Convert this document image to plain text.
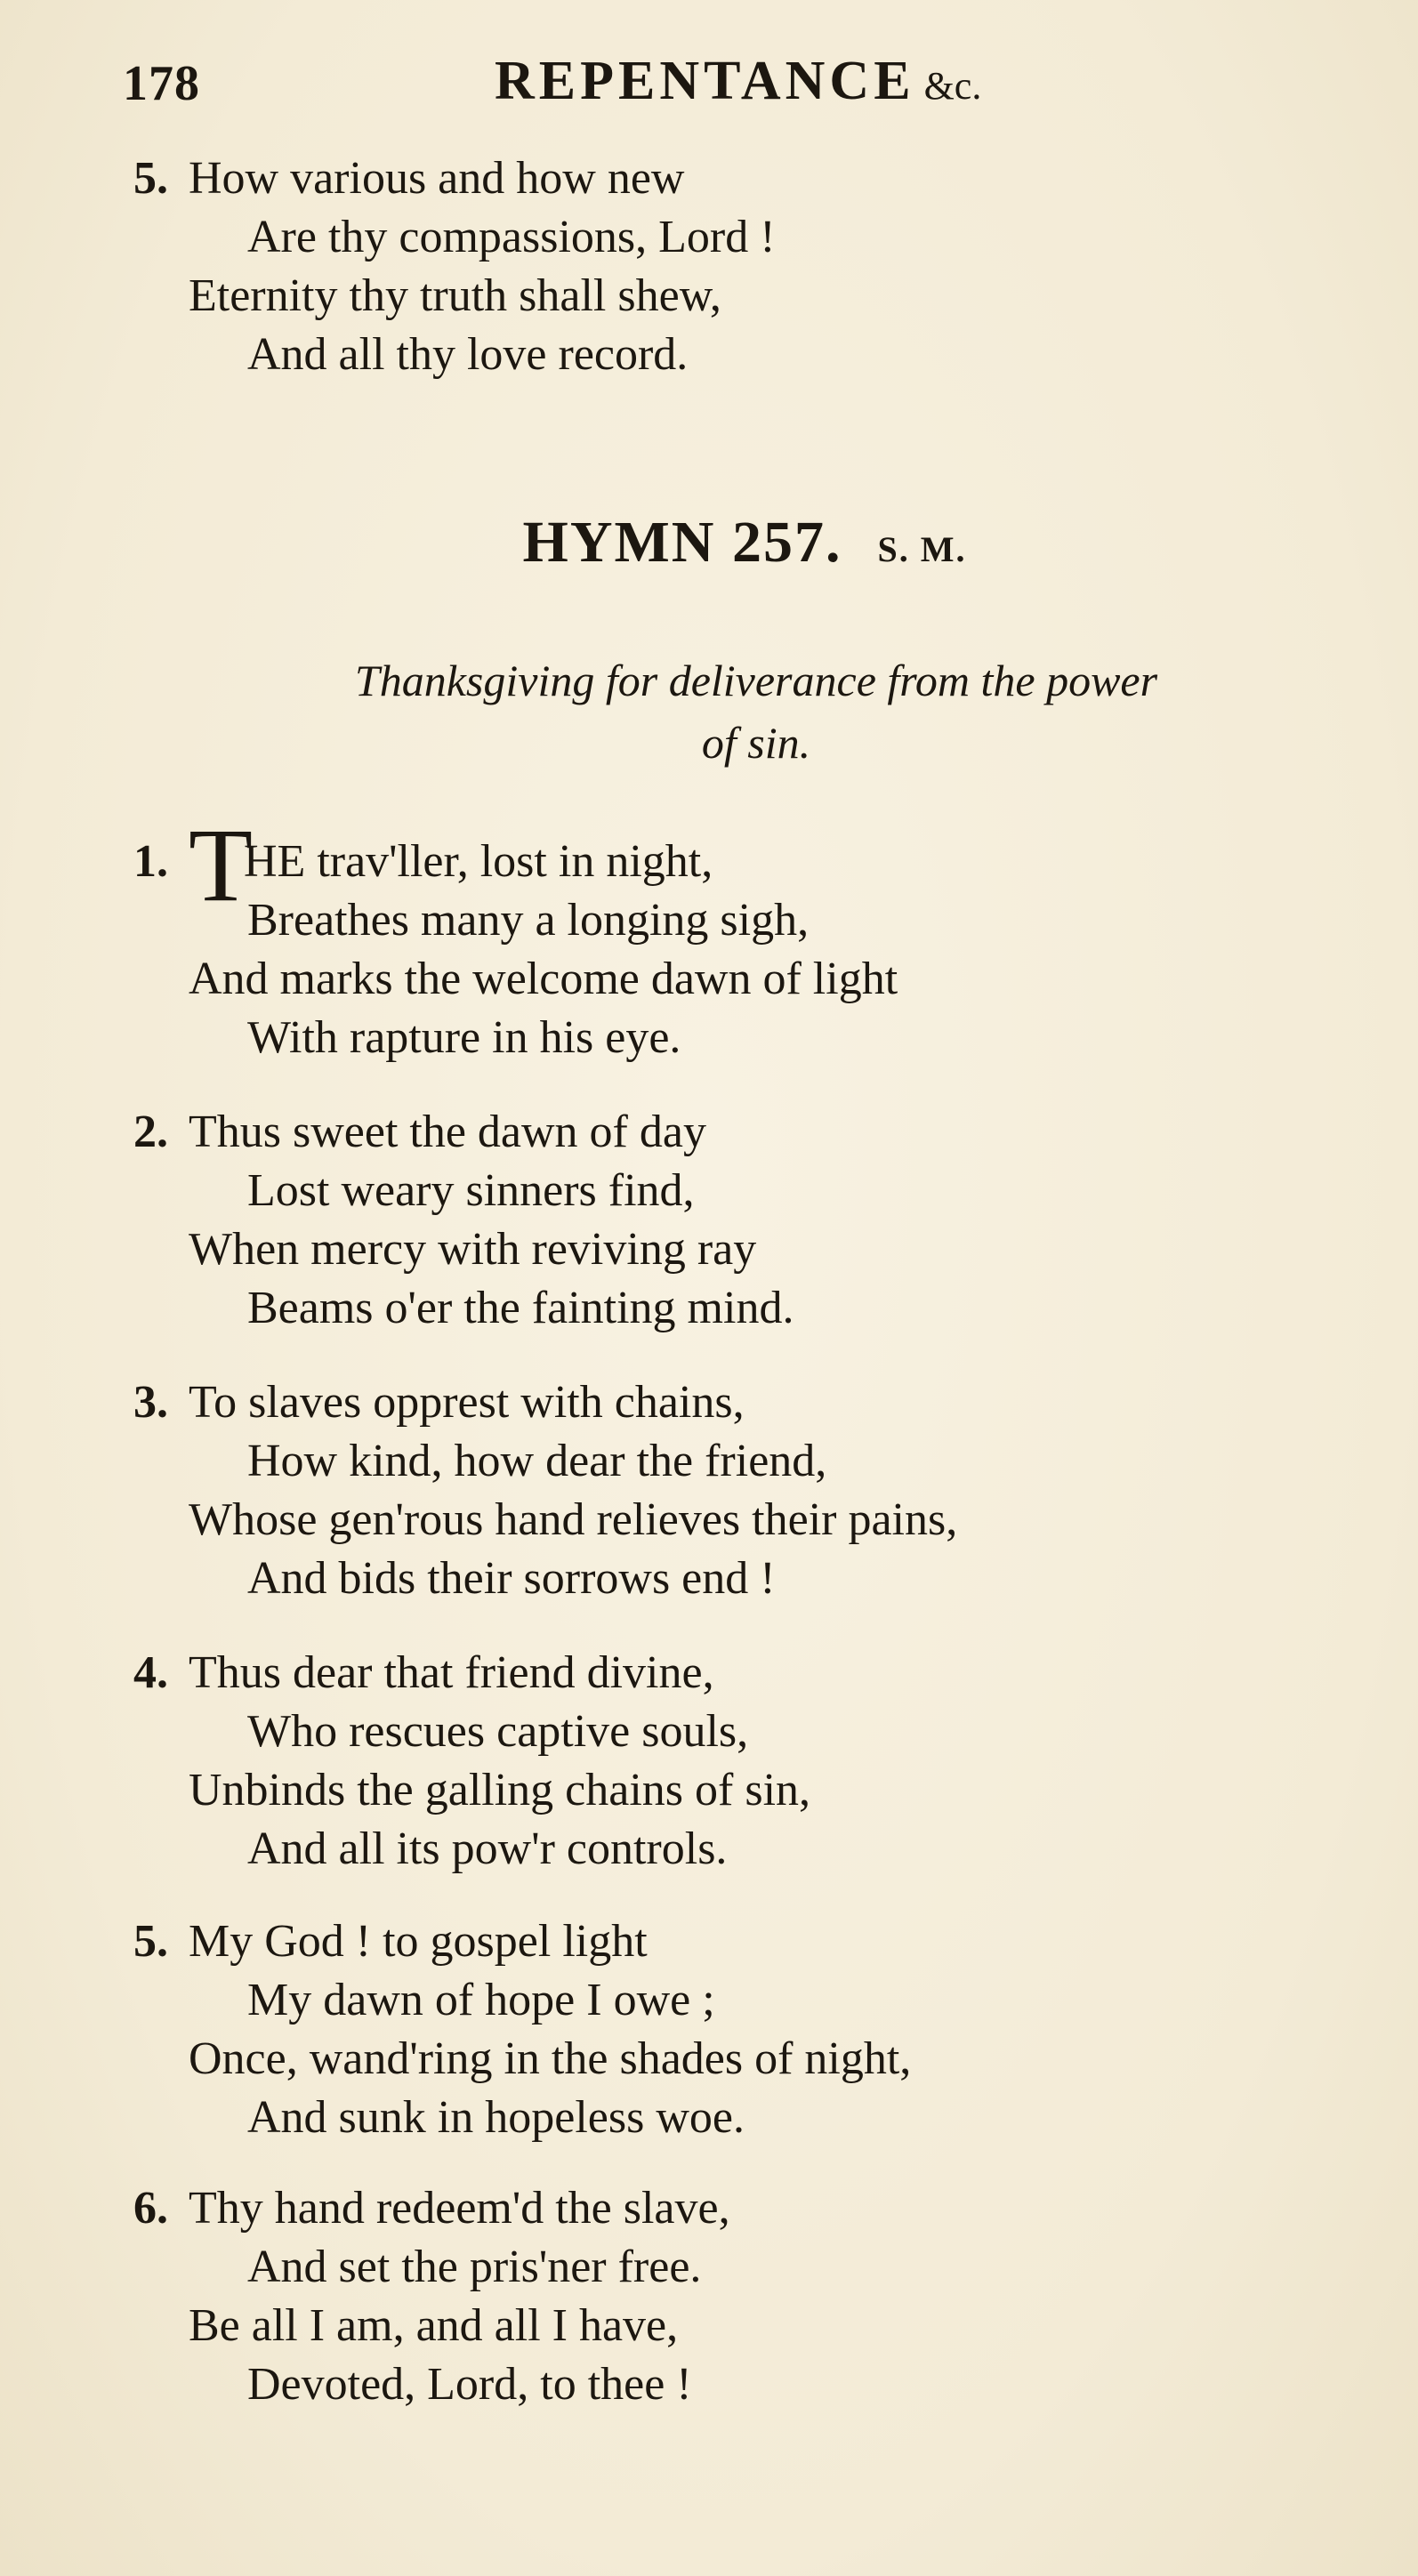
178	REPENTANCE &c.
5. How various and how new
Are thy compassions, Lord !
Eternity thy truth shall shew,
And all thy love record.
HYMN 257. S. M.
Thanksgiving for deliverance from the power
of sin.
1. THE trav'ller, lost in night,
Breathes many a longing sigh,
And marks the welcome dawn of light
With rapture in his eye.
2. Thus sweet the dawn of day
Lost weary sinners find,
When mercy with reviving ray
Beams o'er the fainting mind.
3. To slaves opprest with chains,
How kind, how dear the friend,
Whose gen'rous hand relieves their pains,
And bids their sorrows end !
4. Thus dear that friend divine,
Who rescues captive souls,
Unbinds the galling chains of sin,
And all its pow'r controls.
5. My God ! to gospel light
My dawn of hope I owe ;
Once, wand'ring in the shades of night,
And sunk in hopeless woe.
6. Thy hand redeem'd the slave,
And set the pris'ner free.
Be all I am, and all I have,
Devoted, Lord, to thee !
